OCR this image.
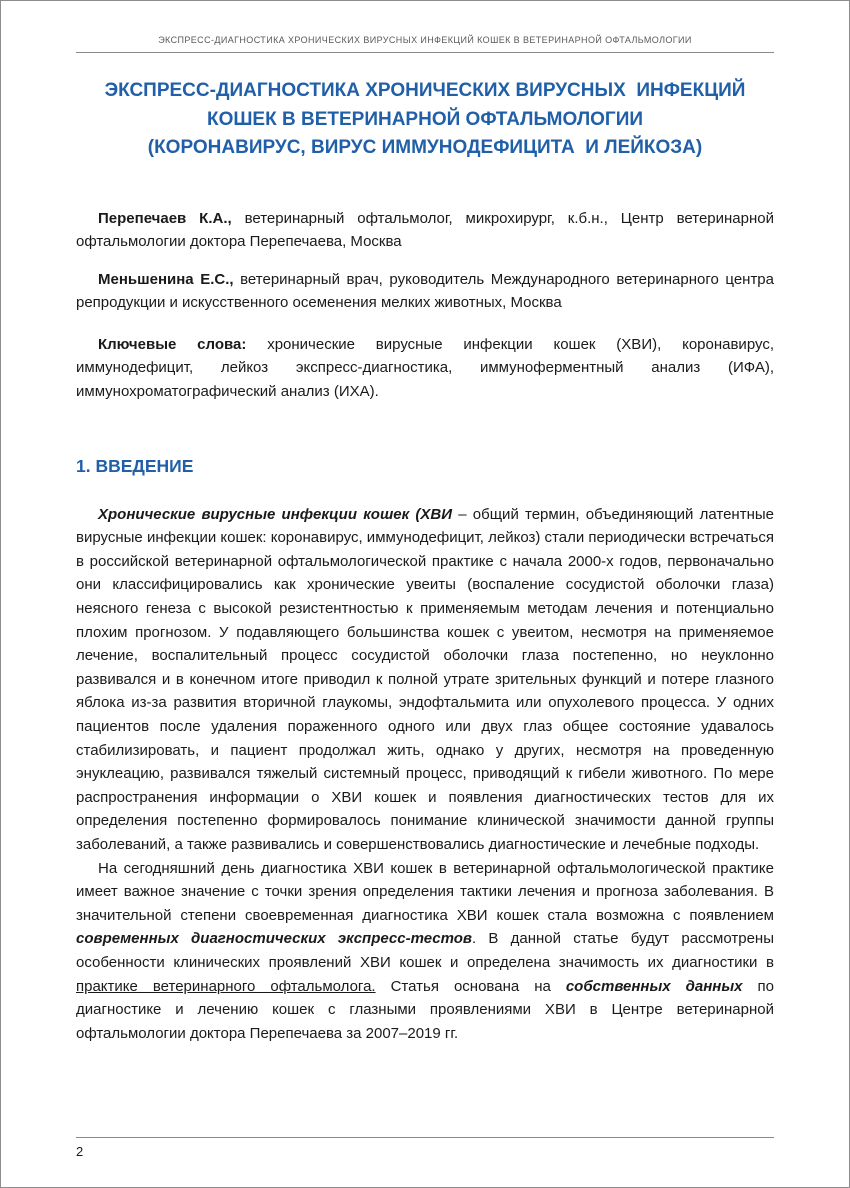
ЭКСПРЕСС-ДИАГНОСТИКА ХРОНИЧЕСКИХ ВИРУСНЫХ ИНФЕКЦИЙ КОШЕК В ВЕТЕРИНАРНОЙ ОФТАЛЬМОЛОГИИ
ЭКСПРЕСС-ДИАГНОСТИКА ХРОНИЧЕСКИХ ВИРУСНЫХ  ИНФЕКЦИЙ
КОШЕК В ВЕТЕРИНАРНОЙ ОФТАЛЬМОЛОГИИ
(КОРОНАВИРУС, ВИРУС ИММУНОДЕФИЦИТА  И ЛЕЙКОЗА)

Перепечаев К.А., ветеринарный офтальмолог, микрохирург, к.б.н., Центр ветеринарной офтальмологии доктора Перепечаева, Москва

Меньшенина Е.С., ветеринарный врач, руководитель Международного ветеринарного центра репродукции и искусственного осеменения мелких животных, Москва

Ключевые слова: хронические вирусные инфекции кошек (ХВИ), коронавирус, иммунодефицит, лейкоз экспресс-диагностика, иммуноферментный анализ (ИФА), иммунохроматографический анализ (ИХА).

1. ВВЕДЕНИЕ

Хронические вирусные инфекции кошек (ХВИ – общий термин, объединяющий латентные вирусные инфекции кошек: коронавирус, иммунодефицит, лейкоз) стали периодически встречаться в российской ветеринарной офтальмологической практике с начала 2000-х годов, первоначально они классифицировались как хронические увеиты (воспаление сосудистой оболочки глаза) неясного генеза с высокой резистентностью к применяемым методам лечения и потенциально плохим прогнозом. У подавляющего большинства кошек с увеитом, несмотря на применяемое лечение, воспалительный процесс сосудистой оболочки глаза постепенно, но неуклонно развивался и в конечном итоге приводил к полной утрате зрительных функций и потере глазного яблока из-за развития вторичной глаукомы, эндофтальмита или опухолевого процесса. У одних пациентов после удаления пораженного одного или двух глаз общее состояние удавалось стабилизировать, и пациент продолжал жить, однако у других, несмотря на проведенную энуклеацию, развивался тяжелый системный процесс, приводящий к гибели животного. По мере распространения информации о ХВИ кошек и появления диагностических тестов для их определения постепенно формировалось понимание клинической значимости данной группы заболеваний, а также развивались и совершенствовались диагностические и лечебные подходы.

На сегодняшний день диагностика ХВИ кошек в ветеринарной офтальмологической практике имеет важное значение с точки зрения определения тактики лечения и прогноза заболевания. В значительной степени своевременная диагностика ХВИ кошек стала возможна с появлением современных диагностических экспресс-тестов. В данной статье будут рассмотрены особенности клинических проявлений ХВИ кошек и определена значимость их диагностики в практике ветеринарного офтальмолога. Статья основана на собственных данных по диагностике и лечению кошек с глазными проявлениями ХВИ в Центре ветеринарной офтальмологии доктора Перепечаева за 2007–2019 гг.

2
